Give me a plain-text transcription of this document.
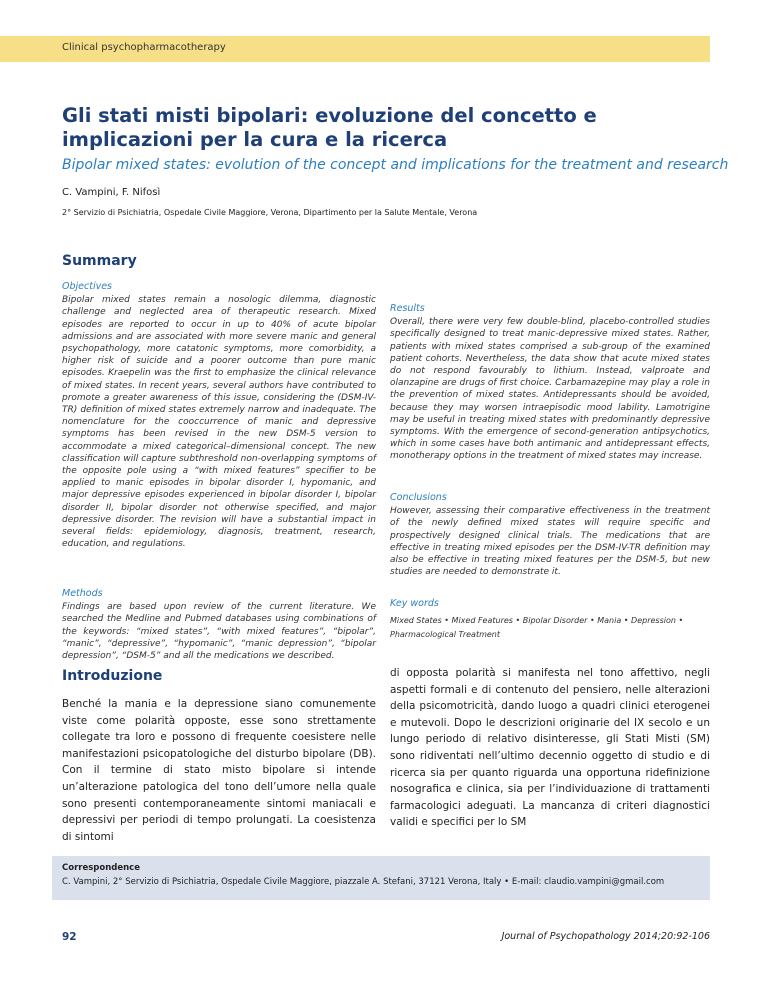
Clinical psychopharmacotherapy
Gli stati misti bipolari: evoluzione del concetto e implicazioni per la cura e la ricerca
Bipolar mixed states: evolution of the concept and implications for the treatment and research
C. Vampini, F. Nifosì
2° Servizio di Psichiatria, Ospedale Civile Maggiore, Verona, Dipartimento per la Salute Mentale, Verona
Summary
Objectives
Bipolar mixed states remain a nosologic dilemma, diagnostic challenge and neglected area of therapeutic research. Mixed episodes are reported to occur in up to 40% of acute bipolar admissions and are associated with more severe manic and general psychopathology, more catatonic symptoms, more comorbidity, a higher risk of suicide and a poorer outcome than pure manic episodes. Kraepelin was the first to emphasize the clinical relevance of mixed states. In recent years, several authors have contributed to promote a greater awareness of this issue, considering the (DSM-IV-TR) definition of mixed states extremely narrow and inadequate. The nomenclature for the cooccurrence of manic and depressive symptoms has been revised in the new DSM-5 version to accommodate a mixed categorical–dimensional concept. The new classification will capture subthreshold non-overlapping symptoms of the opposite pole using a “with mixed features” specifier to be applied to manic episodes in bipolar disorder I, hypomanic, and major depressive episodes experienced in bipolar disorder I, bipolar disorder II, bipolar disorder not otherwise specified, and major depressive disorder. The revision will have a substantial impact in several fields: epidemiology, diagnosis, treatment, research, education, and regulations.
Methods
Findings are based upon review of the current literature. We searched the Medline and Pubmed databases using combinations of the keywords: “mixed states”, “with mixed features”, “bipolar”, “manic”, “depressive”, “hypomanic”, “manic depression”, “bipolar depression”, “DSM-5” and all the medications we described.
Results
Overall, there were very few double-blind, placebo-controlled studies specifically designed to treat manic-depressive mixed states. Rather, patients with mixed states comprised a sub-group of the examined patient cohorts. Nevertheless, the data show that acute mixed states do not respond favourably to lithium. Instead, valproate and olanzapine are drugs of first choice. Carbamazepine may play a role in the prevention of mixed states. Antidepressants should be avoided, because they may worsen intraepisodic mood lability. Lamotrigine may be useful in treating mixed states with predominantly depressive symptoms. With the emergence of second-generation antipsychotics, which in some cases have both antimanic and antidepressant effects, monotherapy options in the treatment of mixed states may increase.
Conclusions
However, assessing their comparative effectiveness in the treatment of the newly defined mixed states will require specific and prospectively designed clinical trials. The medications that are effective in treating mixed episodes per the DSM-IV-TR definition may also be effective in treating mixed features per the DSM-5, but new studies are needed to demonstrate it.
Key words
Mixed States • Mixed Features • Bipolar Disorder • Mania • Depression • Pharmacological Treatment
Introduzione
Benché la mania e la depressione siano comunemente viste come polarità opposte, esse sono strettamente collegate tra loro e possono di frequente coesistere nelle manifestazioni psicopatologiche del disturbo bipolare (DB). Con il termine di stato misto bipolare si intende un’alterazione patologica del tono dell’umore nella quale sono presenti contemporaneamente sintomi maniacali e depressivi per periodi di tempo prolungati. La coesistenza di sintomi
di opposta polarità si manifesta nel tono affettivo, negli aspetti formali e di contenuto del pensiero, nelle alterazioni della psicomotricità, dando luogo a quadri clinici eterogenei e mutevoli. Dopo le descrizioni originarie del IX secolo e un lungo periodo di relativo disinteresse, gli Stati Misti (SM) sono ridiventati nell’ultimo decennio oggetto di studio e di ricerca sia per quanto riguarda una opportuna ridefinizione nosografica e clinica, sia per l’individuazione di trattamenti farmacologici adeguati. La mancanza di criteri diagnostici validi e specifici per lo SM
Correspondence
C. Vampini, 2° Servizio di Psichiatria, Ospedale Civile Maggiore, piazzale A. Stefani, 37121 Verona, Italy • E-mail: claudio.vampini@gmail.com
92	Journal of Psychopathology 2014;20:92-106
